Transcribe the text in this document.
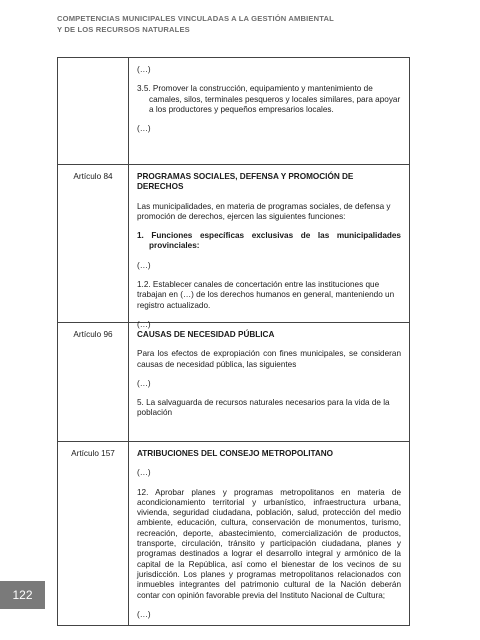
COMPETENCIAS MUNICIPALES VINCULADAS A LA GESTIÓN AMBIENTAL
Y DE LOS RECURSOS NATURALES

(…)

3.5. Promover la construcción, equipamiento y mantenimiento de camales, silos, terminales pesqueros y locales similares, para apoyar a los productores y pequeños empresarios locales.

(…)

Artículo 84	PROGRAMAS SOCIALES, DEFENSA Y PROMOCIÓN DE DERECHOS

Las municipalidades, en materia de programas sociales, de defensa y promoción de derechos, ejercen las siguientes funciones:

1. Funciones específicas exclusivas de las municipalidades provinciales:

(…)

1.2. Establecer canales de concertación entre las instituciones que trabajan en (…) de los derechos humanos en general, manteniendo un registro actualizado.

(…)

Artículo 96	CAUSAS DE NECESIDAD PÚBLICA

Para los efectos de expropiación con fines municipales, se consideran causas de necesidad pública, las siguientes

(…)

5. La salvaguarda de recursos naturales necesarios para la vida de la población

Artículo 157	ATRIBUCIONES DEL CONSEJO METROPOLITANO

(…)

12. Aprobar planes y programas metropolitanos en materia de acondicionamiento territorial y urbanístico, infraestructura urbana, vivienda, seguridad ciudadana, población, salud, protección del medio ambiente, educación, cultura, conservación de monumentos, turismo, recreación, deporte, abastecimiento, comercialización de productos, transporte, circulación, tránsito y participación ciudadana, planes y programas destinados a lograr el desarrollo integral y armónico de la capital de la República, así como el bienestar de los vecinos de su jurisdicción. Los planes y programas metropolitanos relacionados con inmuebles integrantes del patrimonio cultural de la Nación deberán contar con opinión favorable previa del Instituto Nacional de Cultura;

(…)

122
